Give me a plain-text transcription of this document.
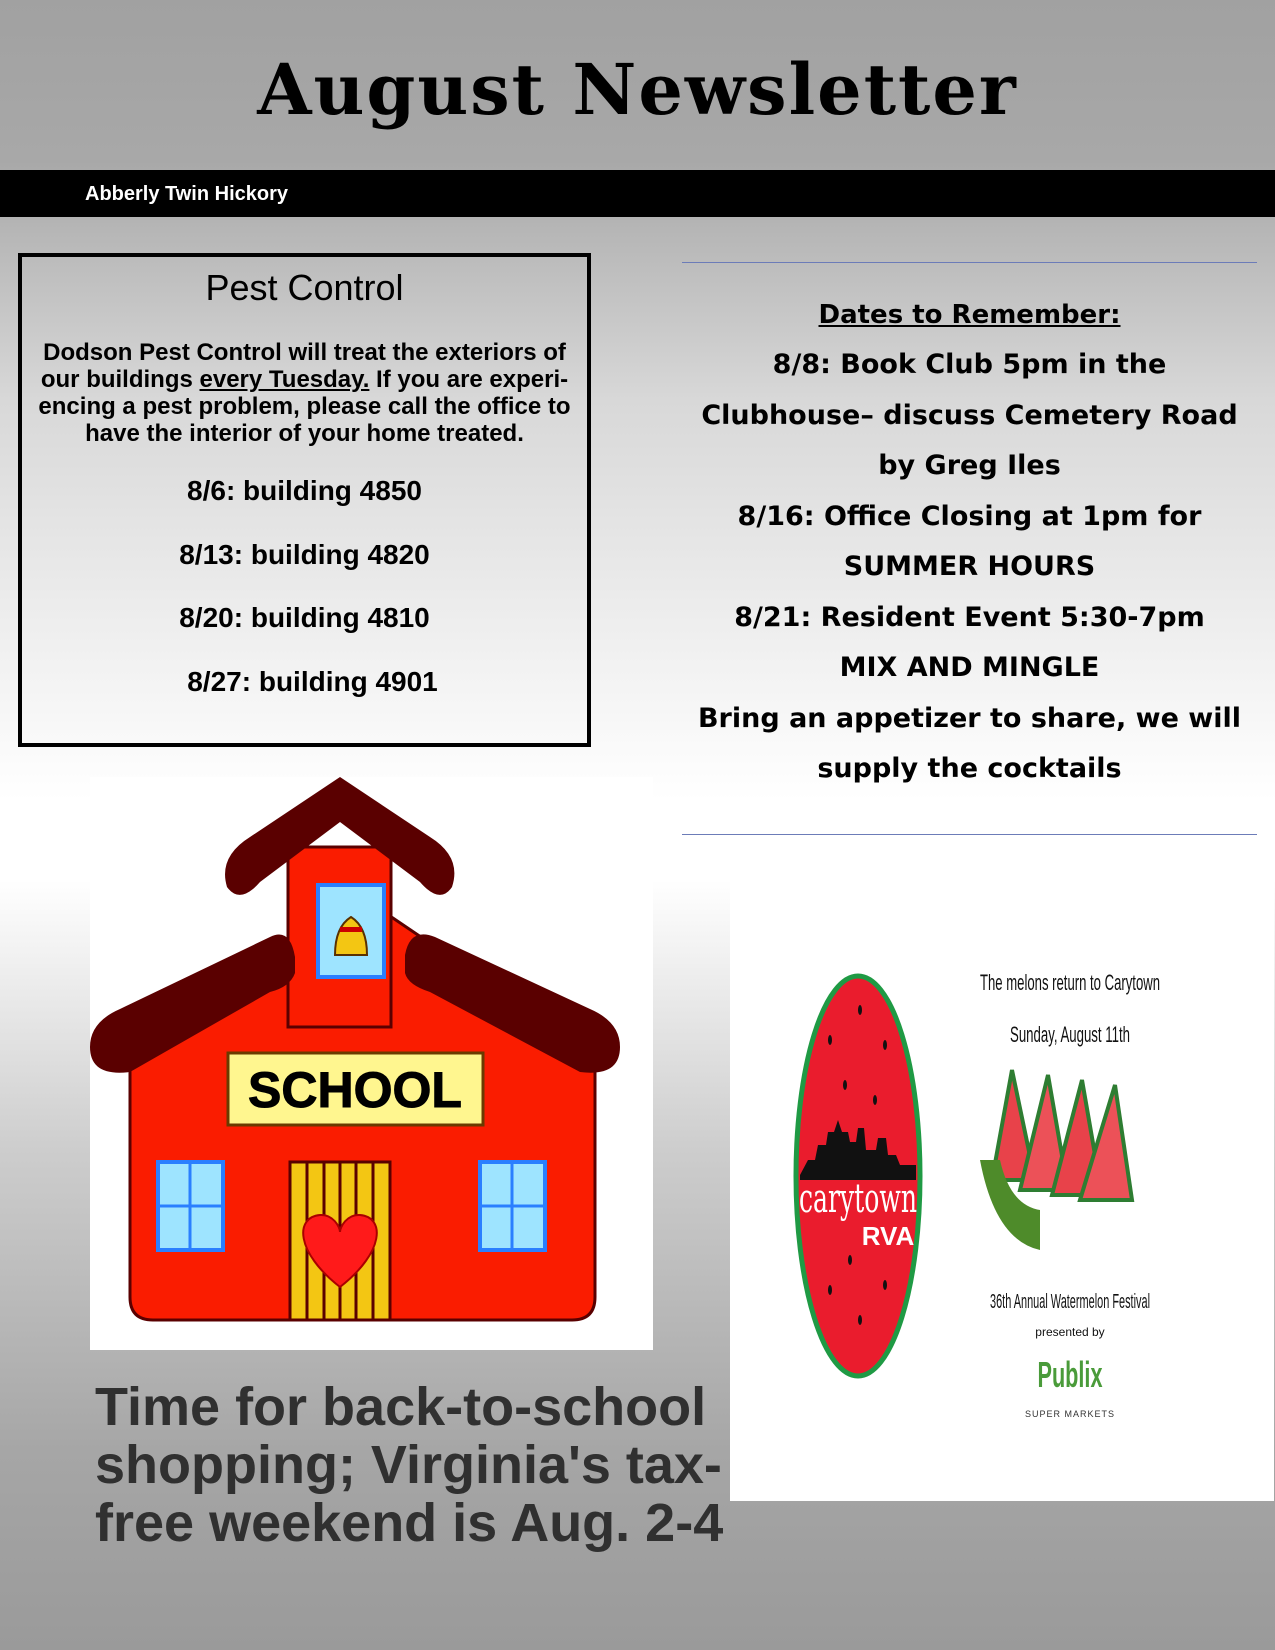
August Newsletter
Abberly Twin Hickory
Pest Control
Dodson Pest Control will treat the exteriors of our buildings every Tuesday. If you are experi-encing a pest problem, please call the office to have the interior of your home treated.
8/6: building 4850
8/13: building 4820
8/20: building 4810
8/27: building 4901
Dates to Remember:
8/8: Book Club 5pm in the
Clubhouse– discuss Cemetery Road
by Greg Iles
8/16: Office Closing at 1pm for
SUMMER HOURS
8/21: Resident Event 5:30-7pm
MIX AND MINGLE
Bring an appetizer to share, we will
supply the cocktails
SCHOOL
carytown
RVA
The melons return to Carytown
Sunday, August 11th
36th Annual Watermelon Festival
presented by
Publix
SUPER MARKETS
Time for back-to-school shopping; Virginia's tax-free weekend is Aug. 2-4
